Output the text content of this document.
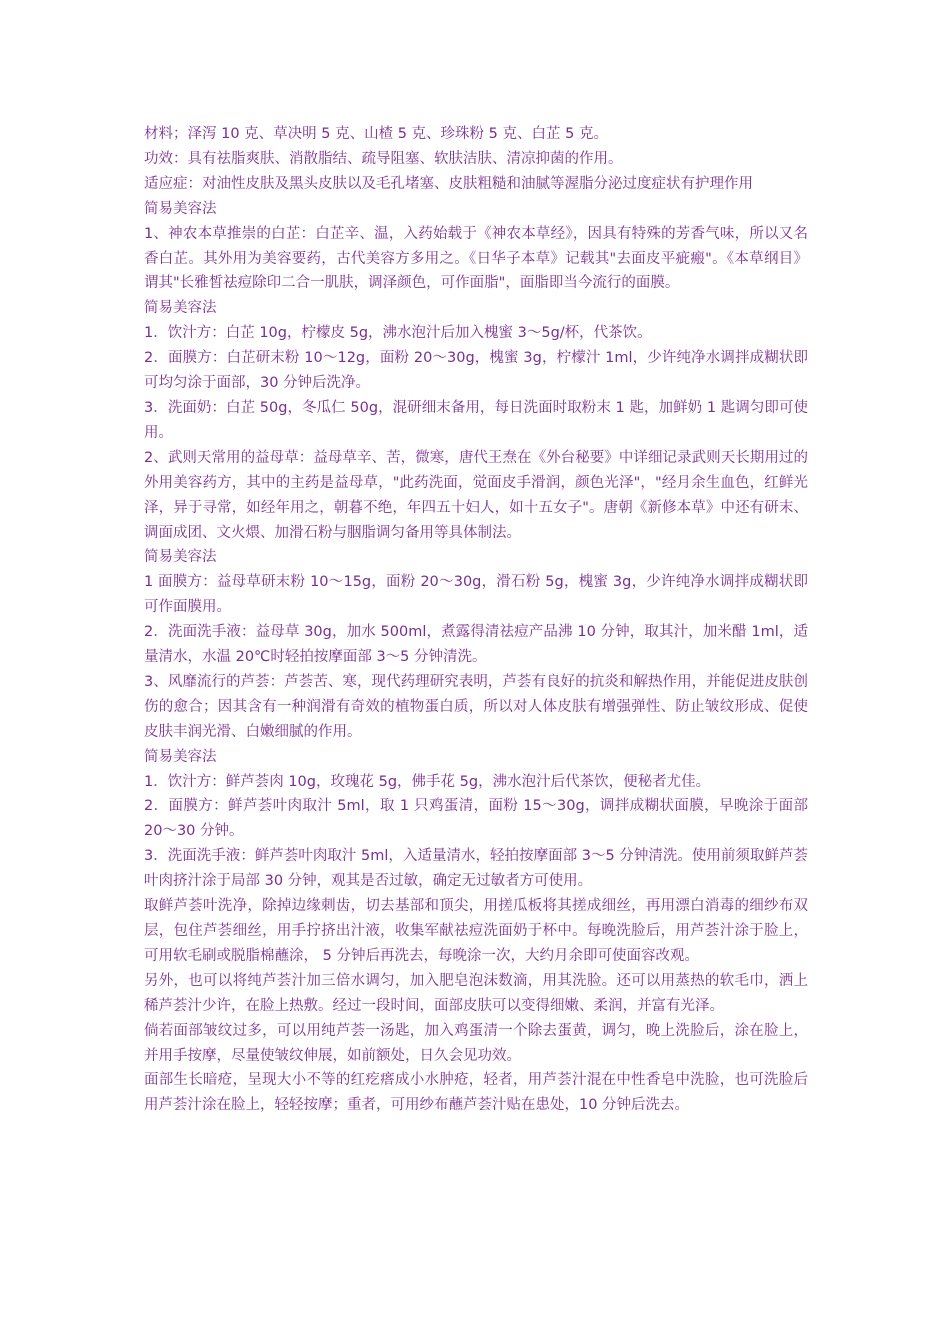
材料；泽泻 10 克、草决明 5 克、山楂 5 克、珍珠粉 5 克、白芷 5 克。

功效：具有祛脂爽肤、消散脂结、疏导阻塞、软肤洁肤、清凉抑菌的作用。

适应症：对油性皮肤及黑头皮肤以及毛孔堵塞、皮肤粗糙和油腻等渥脂分泌过度症状有护理作用

简易美容法

1、神农本草推崇的白芷：白芷辛、温，入药始载于《神农本草经》，因具有特殊的芳香气味，所以又名香白芷。其外用为美容要药，古代美容方多用之。《日华子本草》记载其"去面皮平疵瘢"。《本草纲目》谓其"长雅皙祛痘除印二合一肌肤，调泽颜色，可作面脂"，面脂即当今流行的面膜。

简易美容法

1．饮汁方：白芷 10g，柠檬皮 5g，沸水泡汁后加入槐蜜 3～5g/杯，代茶饮。

2．面膜方：白芷研末粉 10～12g，面粉 20～30g，槐蜜 3g，柠檬汁 1ml，少许纯净水调拌成糊状即可均匀涂于面部，30 分钟后洗净。

3．洗面奶：白芷 50g，冬瓜仁 50g，混研细末备用，每日洗面时取粉末 1 匙，加鲜奶 1 匙调匀即可使用。

2、武则天常用的益母草：益母草辛、苦，微寒，唐代王焘在《外台秘要》中详细记录武则天长期用过的外用美容药方，其中的主药是益母草，"此药洗面，觉面皮手滑润，颜色光泽"，"经月余生血色，红鲜光泽，异于寻常，如经年用之，朝暮不绝，年四五十妇人，如十五女子"。唐朝《新修本草》中还有研末、调面成团、文火煨、加滑石粉与胭脂调匀备用等具体制法。

简易美容法

1 面膜方：益母草研末粉 10～15g，面粉 20～30g，滑石粉 5g，槐蜜 3g，少许纯净水调拌成糊状即可作面膜用。

2．洗面洗手液：益母草 30g，加水 500ml，煮露得清祛痘产品沸 10 分钟，取其汁，加米醋 1ml，适量清水，水温 20℃时轻拍按摩面部 3～5 分钟清洗。

3、风靡流行的芦荟：芦荟苦、寒，现代药理研究表明，芦荟有良好的抗炎和解热作用，并能促进皮肤创伤的愈合；因其含有一种润滑有奇效的植物蛋白质，所以对人体皮肤有增强弹性、防止皱纹形成、促使皮肤丰润光滑、白嫩细腻的作用。

简易美容法

1．饮汁方：鲜芦荟肉 10g，玫瑰花 5g，佛手花 5g，沸水泡汁后代茶饮，便秘者尤佳。

2．面膜方：鲜芦荟叶肉取汁 5ml，取 1 只鸡蛋清，面粉 15～30g，调拌成糊状面膜，早晚涂于面部 20～30 分钟。

3．洗面洗手液：鲜芦荟叶肉取汁 5ml，入适量清水，轻拍按摩面部 3～5 分钟清洗。使用前须取鲜芦荟叶肉挤汁涂于局部 30 分钟，观其是否过敏，确定无过敏者方可使用。

取鲜芦荟叶洗净，除掉边缘刺齿，切去基部和顶尖，用搓瓜板将其搓成细丝，再用漂白消毒的细纱布双层，包住芦荟细丝，用手拧挤出汁液，收集军献祛痘洗面奶于杯中。每晚洗脸后，用芦荟汁涂于脸上，可用软毛刷或脱脂棉蘸涂， 5 分钟后再洗去，每晚涂一次，大约月余即可使面容改观。

另外，也可以将纯芦荟汁加三倍水调匀，加入肥皂泡沫数滴，用其洗脸。还可以用蒸热的软毛巾，洒上稀芦荟汁少许，在脸上热敷。经过一段时间，面部皮肤可以变得细嫩、柔润，并富有光泽。

倘若面部皱纹过多，可以用纯芦荟一汤匙，加入鸡蛋清一个除去蛋黄，调匀，晚上洗脸后，涂在脸上，并用手按摩，尽量使皱纹伸展，如前额处，日久会见功效。

面部生长暗疮，呈现大小不等的红疙瘩成小水肿疮，轻者，用芦荟汁混在中性香皂中洗脸，也可洗脸后用芦荟汁涂在脸上，轻轻按摩；重者，可用纱布蘸芦荟汁贴在患处，10 分钟后洗去。
